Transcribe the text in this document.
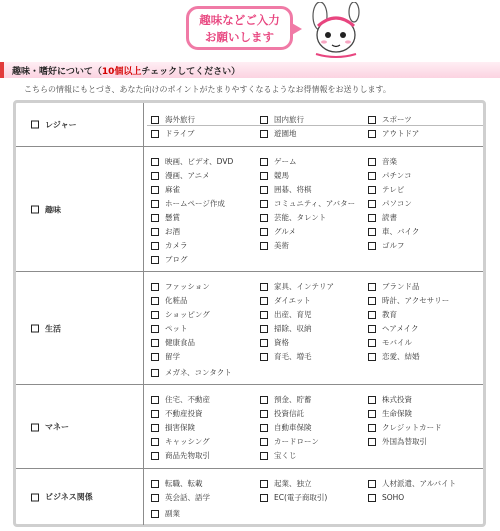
趣味などご入力
お願いします
趣味・嗜好について（10個以上チェックしてください）
こちらの情報にもとづき、あなた向けのポイントがたまりやすくなるようなお得情報をお送りします。
レジャー
海外旅行	国内旅行	スポーツ
ドライブ	遊園地	アウトドア
趣味
映画、ビデオ、DVD	ゲーム	音楽
漫画、アニメ	競馬	パチンコ
麻雀	囲碁、将棋	テレビ
ホームページ作成	コミュニティ、アバター	パソコン
懸賞	芸能、タレント	読書
お酒	グルメ	車、バイク
カメラ	美術	ゴルフ
ブログ
生活
ファッション	家具、インテリア	ブランド品
化粧品	ダイエット	時計、アクセサリー
ショッピング	出産、育児	教育
ペット	掃除、収納	ヘアメイク
健康食品	資格	モバイル
留学	育毛、増毛	恋愛、結婚
メガネ、コンタクト
マネー
住宅、不動産	預金、貯蓄	株式投資
不動産投資	投資信託	生命保険
損害保険	自動車保険	クレジットカード
キャッシング	カードローン	外国為替取引
商品先物取引	宝くじ
ビジネス関係
転職、転載	起業、独立	人材派遣、アルバイト
英会話、語学	EC(電子商取引)	SOHO
副業
